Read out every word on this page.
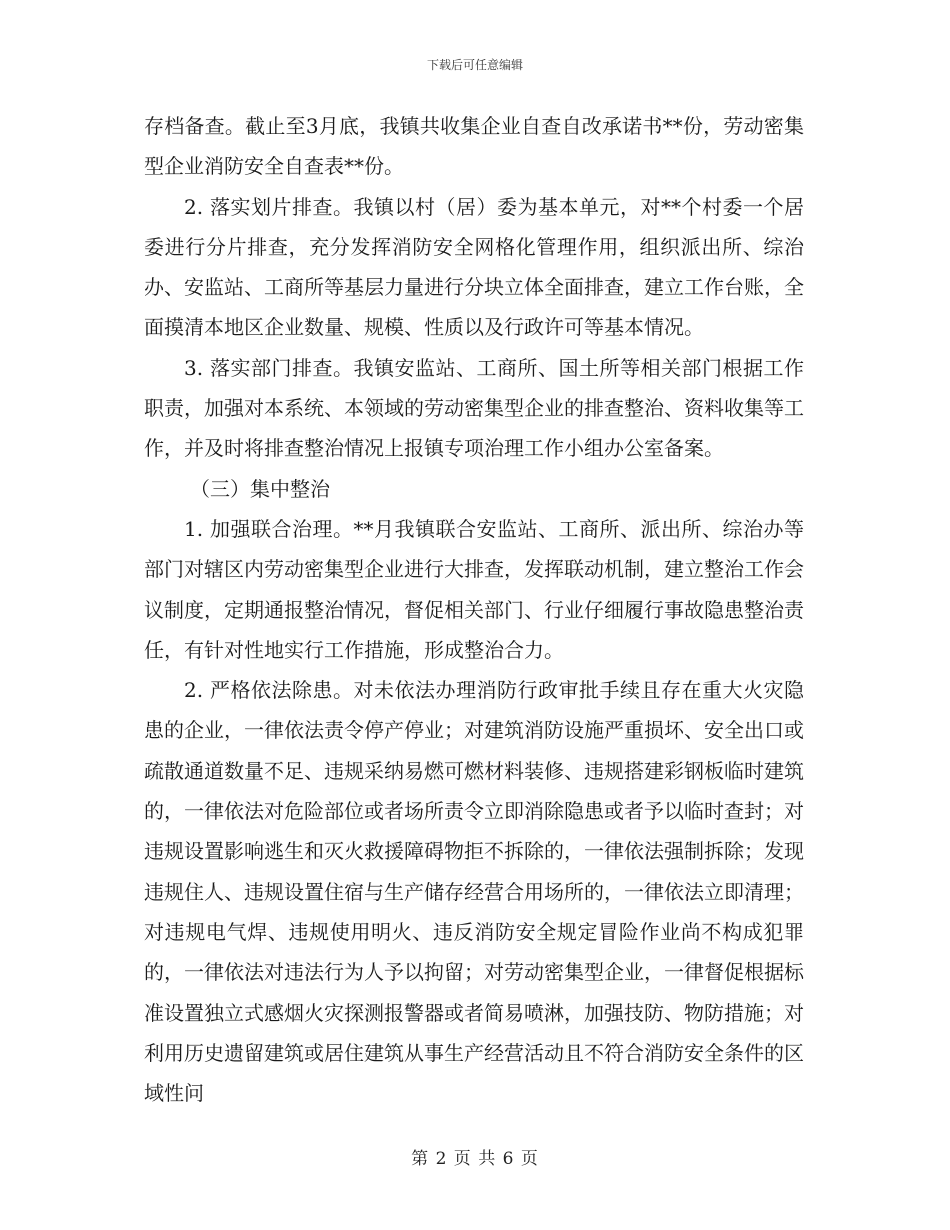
下载后可任意编辑

存档备查。截止至3月底，我镇共收集企业自查自改承诺书**份，劳动密集型企业消防安全自查表**份。

2. 落实划片排查。我镇以村（居）委为基本单元，对**个村委一个居委进行分片排查，充分发挥消防安全网格化管理作用，组织派出所、综治办、安监站、工商所等基层力量进行分块立体全面排查，建立工作台账，全面摸清本地区企业数量、规模、性质以及行政许可等基本情况。

3. 落实部门排查。我镇安监站、工商所、国土所等相关部门根据工作职责，加强对本系统、本领域的劳动密集型企业的排查整治、资料收集等工作，并及时将排查整治情况上报镇专项治理工作小组办公室备案。

（三）集中整治

1. 加强联合治理。**月我镇联合安监站、工商所、派出所、综治办等部门对辖区内劳动密集型企业进行大排查，发挥联动机制，建立整治工作会议制度，定期通报整治情况，督促相关部门、行业仔细履行事故隐患整治责任，有针对性地实行工作措施，形成整治合力。

2. 严格依法除患。对未依法办理消防行政审批手续且存在重大火灾隐患的企业，一律依法责令停产停业；对建筑消防设施严重损坏、安全出口或疏散通道数量不足、违规采纳易燃可燃材料装修、违规搭建彩钢板临时建筑的，一律依法对危险部位或者场所责令立即消除隐患或者予以临时查封；对违规设置影响逃生和灭火救援障碍物拒不拆除的，一律依法强制拆除；发现违规住人、违规设置住宿与生产储存经营合用场所的，一律依法立即清理；对违规电气焊、违规使用明火、违反消防安全规定冒险作业尚不构成犯罪的，一律依法对违法行为人予以拘留；对劳动密集型企业，一律督促根据标准设置独立式感烟火灾探测报警器或者简易喷淋，加强技防、物防措施；对利用历史遗留建筑或居住建筑从事生产经营活动且不符合消防安全条件的区域性问

第 2 页 共 6 页
